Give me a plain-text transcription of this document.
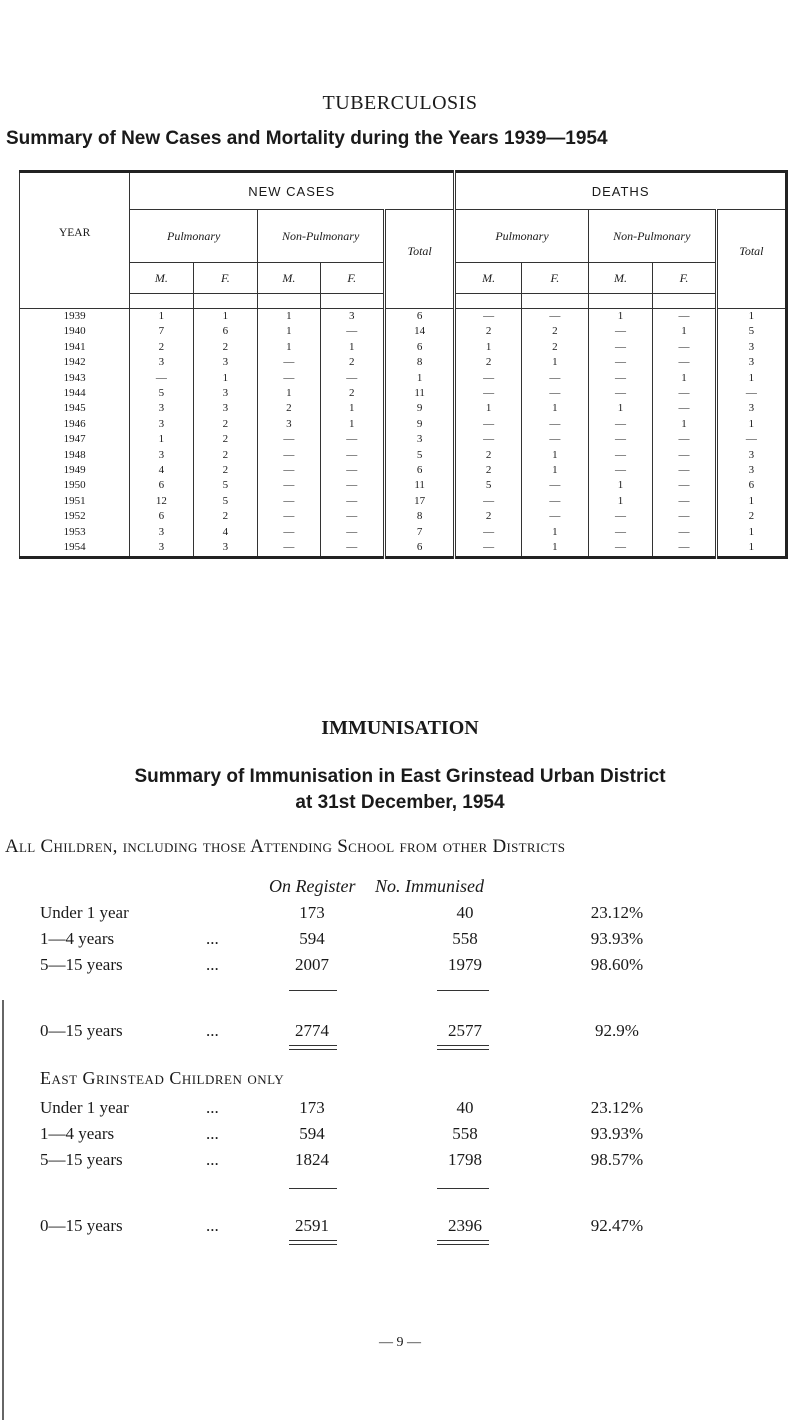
TUBERCULOSIS
Summary of New Cases and Mortality during the Years 1939—1954
YEAR	NEW CASES					DEATHS				
	Pulmonary		Non-Pulmonary		Total	Pulmonary		Non-Pulmonary		Total
	M.	F.	M.	F.		M.	F.	M.	F.	

1939	1	1	1	3	6	—	—	1	—	1
1940	7	6	1	—	14	2	2	—	1	5
1941	2	2	1	1	6	1	2	—	—	3
1942	3	3	—	2	8	2	1	—	—	3
1943	—	1	—	—	1	—	—	—	1	1
1944	5	3	1	2	11	—	—	—	—	—
1945	3	3	2	1	9	1	1	1	—	3
1946	3	2	3	1	9	—	—	—	1	1
1947	1	2	—	—	3	—	—	—	—	—
1948	3	2	—	—	5	2	1	—	—	3
1949	4	2	—	—	6	2	1	—	—	3
1950	6	5	—	—	11	5	—	1	—	6
1951	12	5	—	—	17	—	—	1	—	1
1952	6	2	—	—	8	2	—	—	—	2
1953	3	4	—	—	7	—	1	—	—	1
1954	3	3	—	—	6	—	1	—	—	1
IMMUNISATION
Summary of Immunisation in East Grinstead Urban District
at 31st December, 1954
All Children, including those Attending School from other Districts
On Register No. Immunised
Under 1 year	173	40	23.12%
1—4 years	...	594	558	93.93%
5—15 years	...	2007	1979	98.60%
0—15 years	...	2774	2577	92.9%
East Grinstead Children only
Under 1 year	...	173	40	23.12%
1—4 years	...	594	558	93.93%
5—15 years	...	1824	1798	98.57%
0—15 years	...	2591	2396	92.47%
— 9 —
